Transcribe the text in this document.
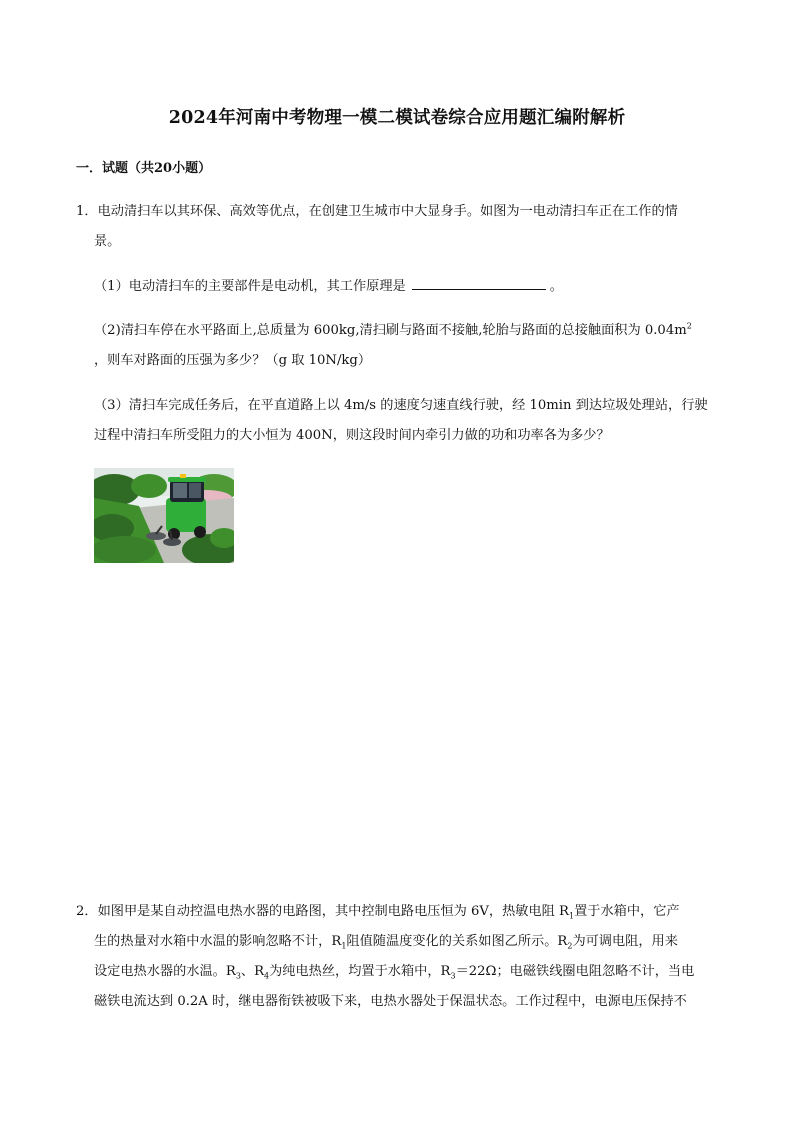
2024年河南中考物理一模二模试卷综合应用题汇编附解析
一．试题（共20小题）
1．电动清扫车以其环保、高效等优点，在创建卫生城市中大显身手。如图为一电动清扫车正在工作的情
景。
（1）电动清扫车的主要部件是电动机，其工作原理是	。
（2)清扫车停在水平路面上,总质量为 600kg,清扫刷与路面不接触,轮胎与路面的总接触面积为 $0.04m^2$
，则车对路面的压强为多少？（g 取 10N/kg）
（3）清扫车完成任务后，在平直道路上以 4m/s 的速度匀速直线行驶，经 10min 到达垃圾处理站，行驶
过程中清扫车所受阻力的大小恒为 400N，则这段时间内牵引力做的功和功率各为多少？
2．如图甲是某自动控温电热水器的电路图，其中控制电路电压恒为 6V，热敏电阻 $R_1$置于水箱中，它产
生的热量对水箱中水温的影响忽略不计，$R_1$阻值随温度变化的关系如图乙所示。$R_2$为可调电阻，用来
设定电热水器的水温。$R_3$、$R_4$为纯电热丝，均置于水箱中，$R_3=22\Omega$；电磁铁线圈电阻忽略不计，当电
磁铁电流达到 0.2A 时，继电器衔铁被吸下来，电热水器处于保温状态。工作过程中，电源电压保持不
